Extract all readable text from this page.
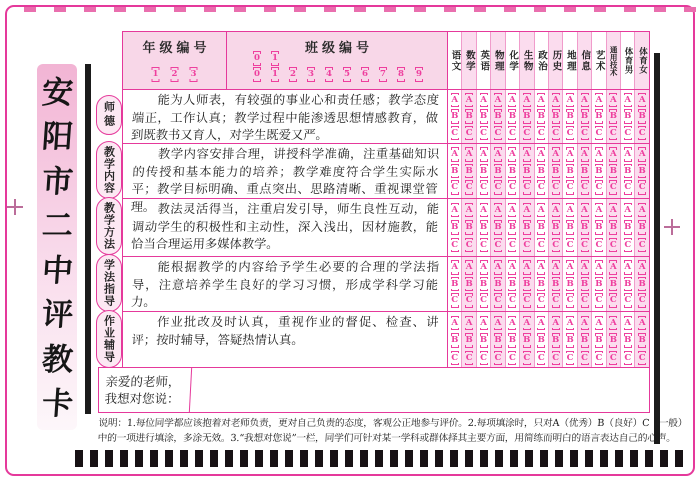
安
阳
市
二
中
评
教
卡
年级编号
1 2 3
班级编号
0 1
0 1 2 3 4 5 6 7 8 9
语文 数学 英语 物理 化学 生物 政治 历史 地理 信息 艺术 通用技术 体育男 体育女

能为人师表，有较强的事业心和责任感；教学态度端正，工作认真；教学过程中能渗透思想情感教育，做到既教书又育人，对学生既爱又严。

A
B
C
A
B
C
A
B
C
A
B
C
A
B
C
A
B
C
A
B
C
A
B
C
A
B
C
A
B
C
A
B
C
A
B
C
A
B
C
A
B
C

教学内容安排合理，讲授科学准确，注重基础知识的传授和基本能力的培养；教学难度符合学生实际水平；教学目标明确、重点突出、思路清晰、重视课堂管理。

A
B
C
A
B
C
A
B
C
A
B
C
A
B
C
A
B
C
A
B
C
A
B
C
A
B
C
A
B
C
A
B
C
A
B
C
A
B
C
A
B
C

教法灵活得当，注重启发引导，师生良性互动，能调动学生的积极性和主动性，深入浅出，因材施教，能恰当合理运用多媒体教学。

A
B
C
A
B
C
A
B
C
A
B
C
A
B
C
A
B
C
A
B
C
A
B
C
A
B
C
A
B
C
A
B
C
A
B
C
A
B
C
A
B
C

能根据教学的内容给予学生必要的合理的学法指导，注意培养学生良好的学习习惯，形成学科学习能力。

A
B
C
A
B
C
A
B
C
A
B
C
A
B
C
A
B
C
A
B
C
A
B
C
A
B
C
A
B
C
A
B
C
A
B
C
A
B
C
A
B
C

作业批改及时认真，重视作业的督促、检查、讲评；按时辅导，答疑热情认真。

A
B
C
A
B
C
A
B
C
A
B
C
A
B
C
A
B
C
A
B
C
A
B
C
A
B
C
A
B
C
A
B
C
A
B
C
A
B
C
A
B
C
亲爱的老师，
我想对您说：
说明：1.每位同学都应该抱着对老师负责，更对自己负责的态度，客观公正地参与评价。2.每项填涂时，只对A（优秀）B（良好）C（一般）
中的一项进行填涂，多涂无效。3.“我想对您说”一栏，同学们可针对某一学科或群体择其主要方面，用简练而明白的语言表达自己的心声。
师德
教学内容
教学方法
学法指导
作业辅导
